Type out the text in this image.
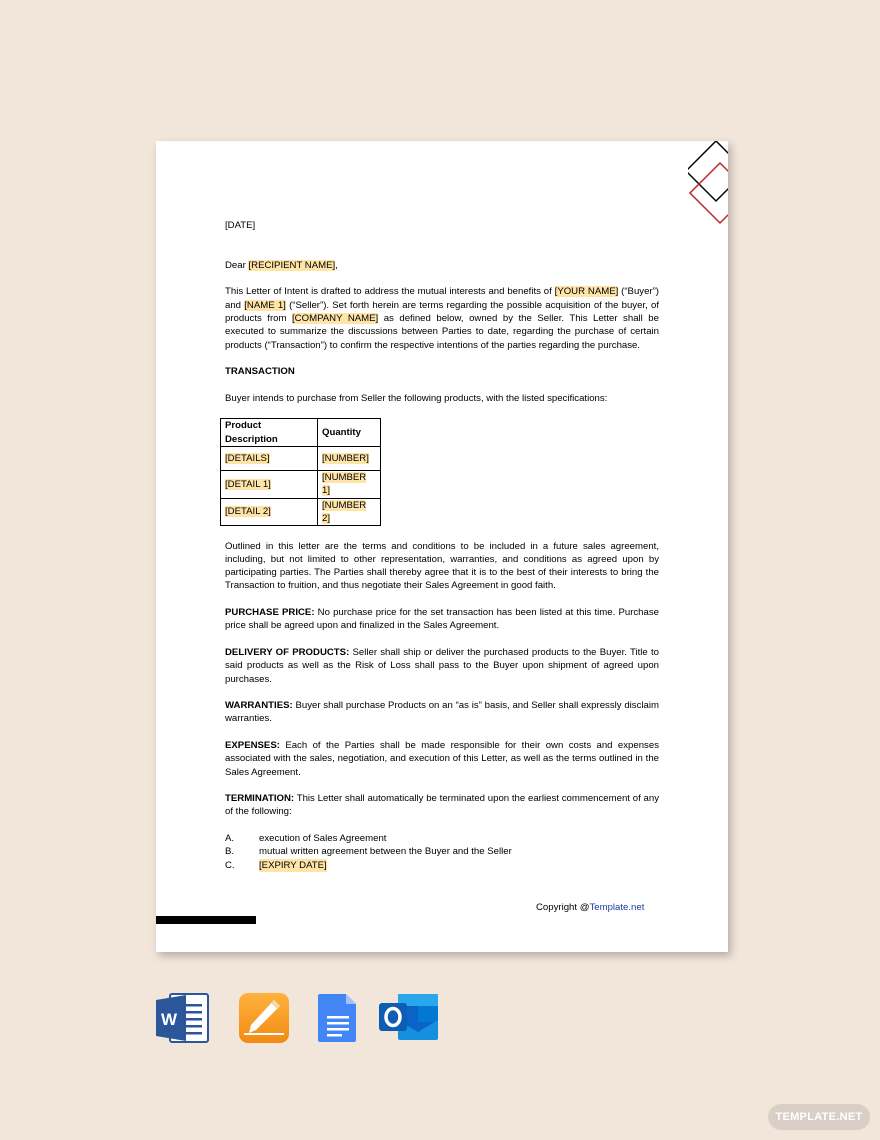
[DATE]

Dear [RECIPIENT NAME],

This Letter of Intent is drafted to address the mutual interests and benefits of [YOUR NAME] (“Buyer”) and [NAME 1] (“Seller”). Set forth herein are terms regarding the possible acquisition of the buyer, of products from [COMPANY NAME] as defined below, owned by the Seller. This Letter shall be executed to summarize the discussions between Parties to date, regarding the purchase of certain products (“Transaction”) to confirm the respective intentions of the parties regarding the purchase.

TRANSACTION

Buyer intends to purchase from Seller the following products, with the listed specifications:

Product Description	Quantity
[DETAILS]	[NUMBER]
[DETAIL 1]	[NUMBER 1]
[DETAIL 2]	[NUMBER 2]

Outlined in this letter are the terms and conditions to be included in a future sales agreement, including, but not limited to other representation, warranties, and conditions as agreed upon by participating parties. The Parties shall thereby agree that it is to the best of their interests to bring the Transaction to fruition, and thus negotiate their Sales Agreement in good faith.

PURCHASE PRICE: No purchase price for the set transaction has been listed at this time. Purchase price shall be agreed upon and finalized in the Sales Agreement.

DELIVERY OF PRODUCTS: Seller shall ship or deliver the purchased products to the Buyer. Title to said products as well as the Risk of Loss shall pass to the Buyer upon shipment of agreed upon purchases.

WARRANTIES: Buyer shall purchase Products on an “as is” basis, and Seller shall expressly disclaim warranties.

EXPENSES: Each of the Parties shall be made responsible for their own costs and expenses associated with the sales, negotiation, and execution of this Letter, as well as the terms outlined in the Sales Agreement.

TERMINATION: This Letter shall automatically be terminated upon the earliest commencement of any of the following:

A.	execution of Sales Agreement
B.	mutual written agreement between the Buyer and the Seller
C.	[EXPIRY DATE]
Copyright @Template.net
W
TEMPLATE.NET
